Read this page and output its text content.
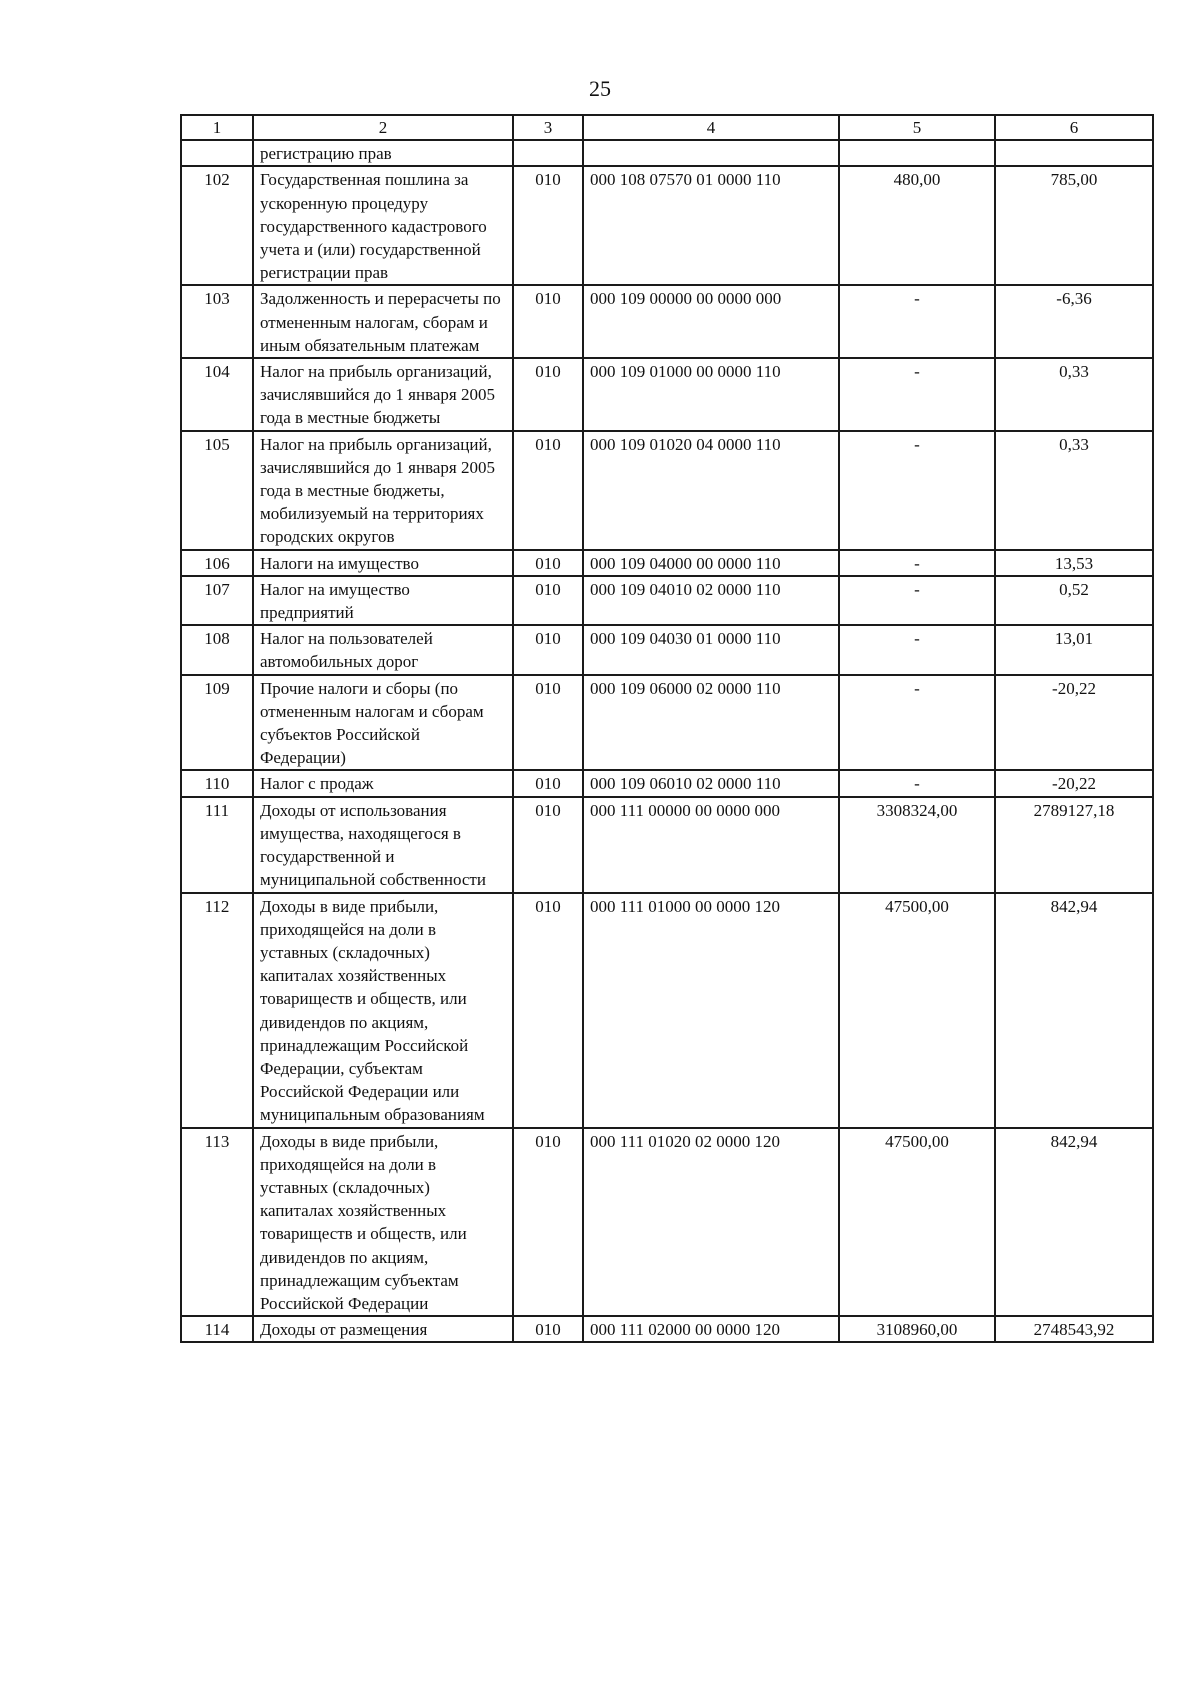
25
1	2	3	4	5	6
	регистрацию прав				
102	Государственная пошлина за ускоренную процедуру государственного кадастрового учета и (или) государственной регистрации прав	010	000 108 07570 01 0000 110	480,00	785,00
103	Задолженность и перерасчеты по отмененным налогам, сборам и иным обязательным платежам	010	000 109 00000 00 0000 000	-	-6,36
104	Налог на прибыль организаций, зачислявшийся до 1 января 2005 года в местные бюджеты	010	000 109 01000 00 0000 110	-	0,33
105	Налог на прибыль организаций, зачислявшийся до 1 января 2005 года в местные бюджеты, мобилизуемый на территориях городских округов	010	000 109 01020 04 0000 110	-	0,33
106	Налоги на имущество	010	000 109 04000 00 0000 110	-	13,53
107	Налог на имущество предприятий	010	000 109 04010 02 0000 110	-	0,52
108	Налог на пользователей автомобильных дорог	010	000 109 04030 01 0000 110	-	13,01
109	Прочие налоги и сборы (по отмененным налогам и сборам субъектов Российской Федерации)	010	000 109 06000 02 0000 110	-	-20,22
110	Налог с продаж	010	000 109 06010 02 0000 110	-	-20,22
111	Доходы от использования имущества, находящегося в государственной и муниципальной собственности	010	000 111 00000 00 0000 000	3308324,00	2789127,18
112	Доходы в виде прибыли, приходящейся на доли в уставных (складочных) капиталах хозяйственных товариществ и обществ, или дивидендов по акциям, принадлежащим Российской Федерации, субъектам Российской Федерации или муниципальным образованиям	010	000 111 01000 00 0000 120	47500,00	842,94
113	Доходы в виде прибыли, приходящейся на доли в уставных (складочных) капиталах хозяйственных товариществ и обществ, или дивидендов по акциям, принадлежащим субъектам Российской Федерации	010	000 111 01020 02 0000 120	47500,00	842,94
114	Доходы от размещения	010	000 111 02000 00 0000 120	3108960,00	2748543,92
